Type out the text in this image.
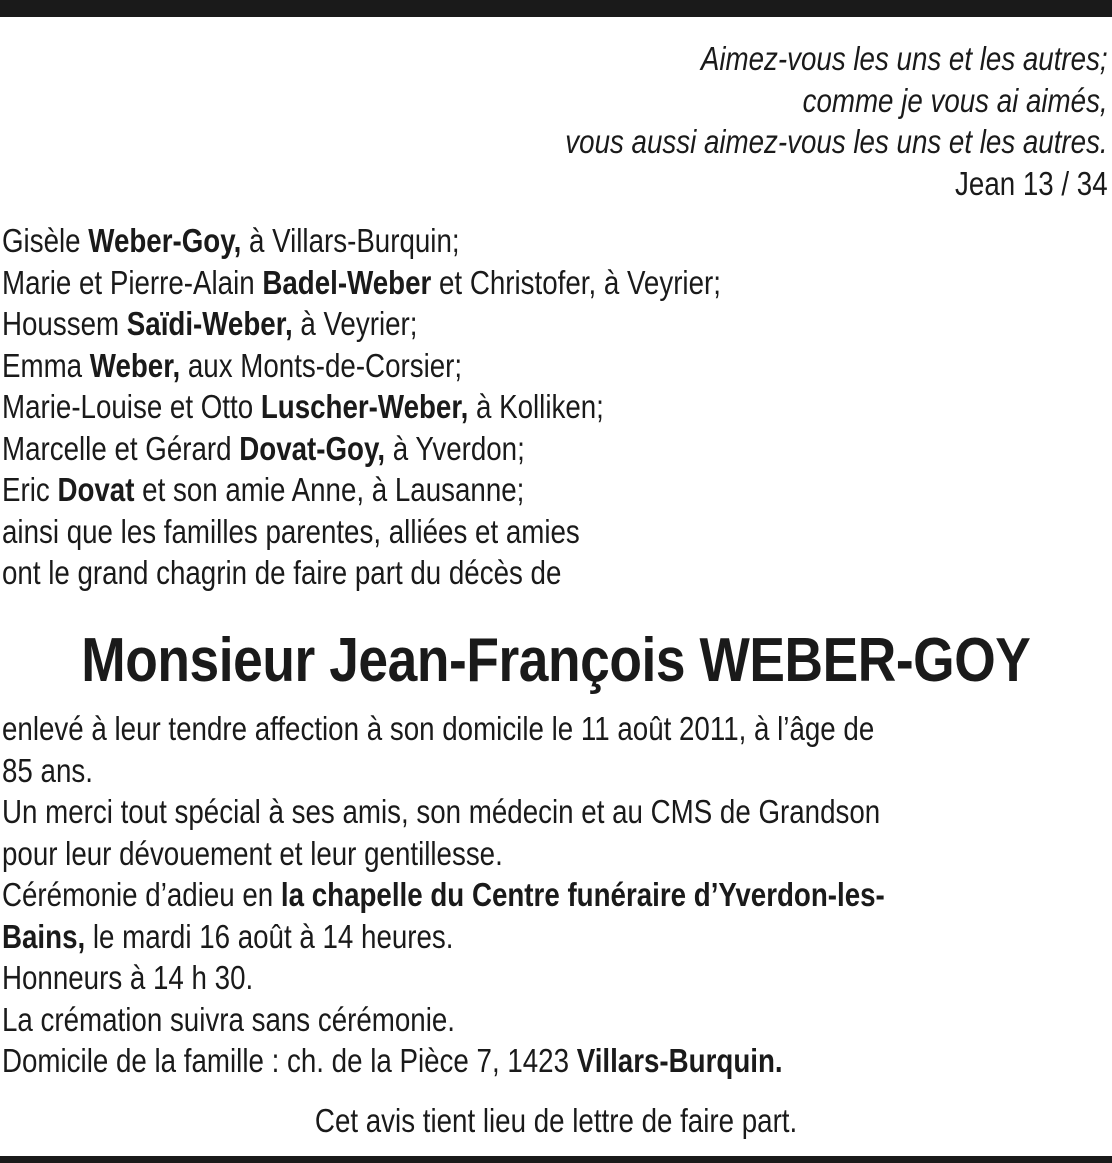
Aimez-vous les uns et les autres;
comme je vous ai aimés,
vous aussi aimez-vous les uns et les autres.
Jean 13 / 34
Gisèle Weber-Goy, à Villars-Burquin;
Marie et Pierre-Alain Badel-Weber et Christofer, à Veyrier;
Houssem Saïdi-Weber, à Veyrier;
Emma Weber, aux Monts-de-Corsier;
Marie-Louise et Otto Luscher-Weber, à Kolliken;
Marcelle et Gérard Dovat-Goy, à Yverdon;
Eric Dovat et son amie Anne, à Lausanne;
ainsi que les familles parentes, alliées et amies
ont le grand chagrin de faire part du décès de
Monsieur Jean-François WEBER-GOY
enlevé à leur tendre affection à son domicile le 11 août 2011, à l’âge de
85 ans.
Un merci tout spécial à ses amis, son médecin et au CMS de Grandson
pour leur dévouement et leur gentillesse.
Cérémonie d’adieu en la chapelle du Centre funéraire d’Yverdon-les-
Bains, le mardi 16 août à 14 heures.
Honneurs à 14 h 30.
La crémation suivra sans cérémonie.
Domicile de la famille : ch. de la Pièce 7, 1423 Villars-Burquin.
Cet avis tient lieu de lettre de faire part.
